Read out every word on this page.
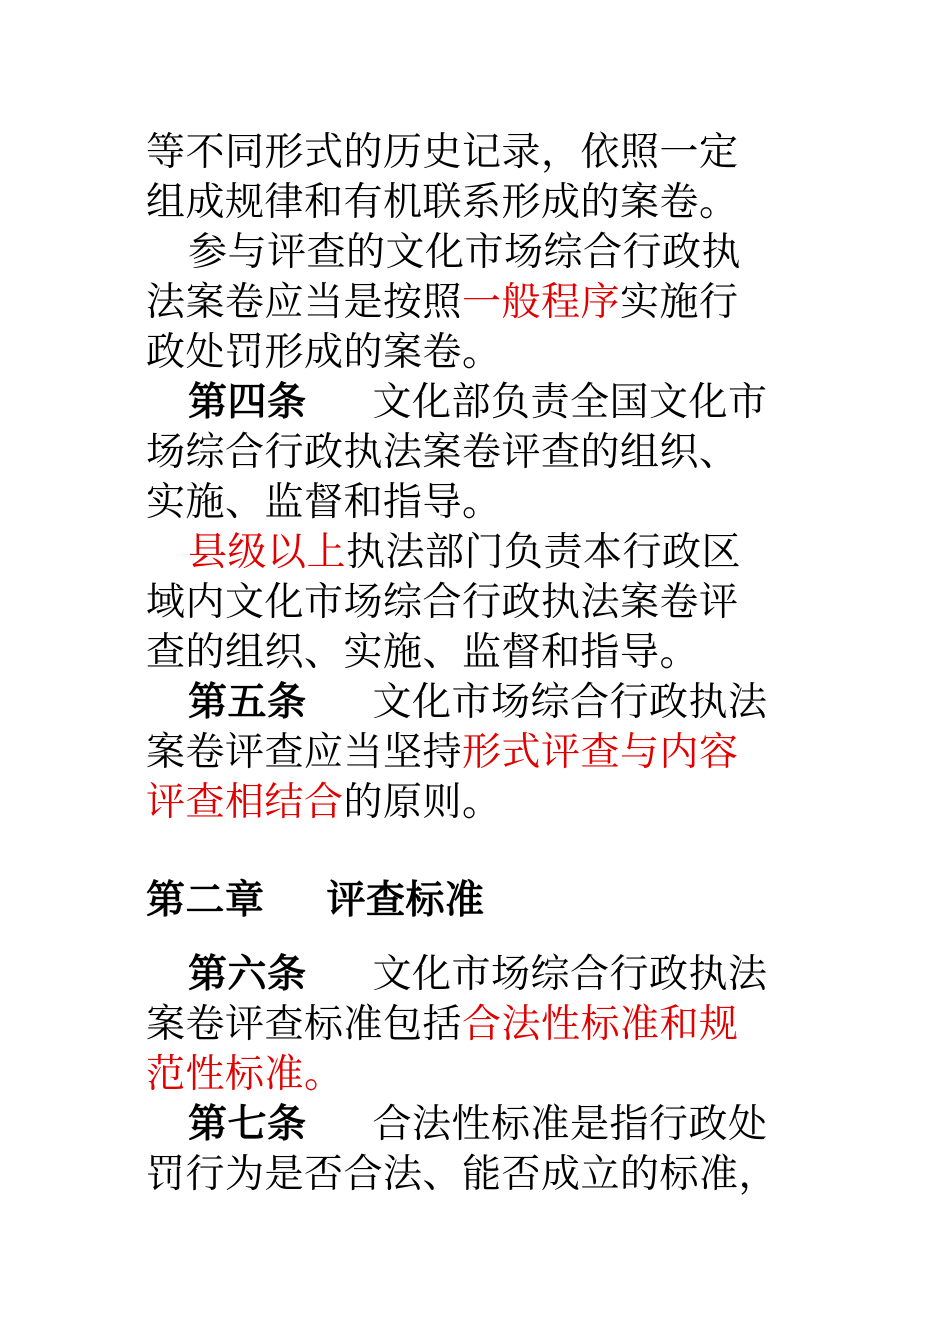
等不同形式的历史记录，依照一定
组成规律和有机联系形成的案卷。
参与评查的文化市场综合行政执
法案卷应当是按照一般程序实施行
政处罚形成的案卷。
第四条 文化部负责全国文化市
场综合行政执法案卷评查的组织、
实施、监督和指导。
县级以上执法部门负责本行政区
域内文化市场综合行政执法案卷评
查的组织、实施、监督和指导。
第五条 文化市场综合行政执法
案卷评查应当坚持形式评查与内容
评查相结合的原则。
第二章 评查标准
第六条 文化市场综合行政执法
案卷评查标准包括合法性标准和规
范性标准。
第七条 合法性标准是指行政处
罚行为是否合法、能否成立的标准，
